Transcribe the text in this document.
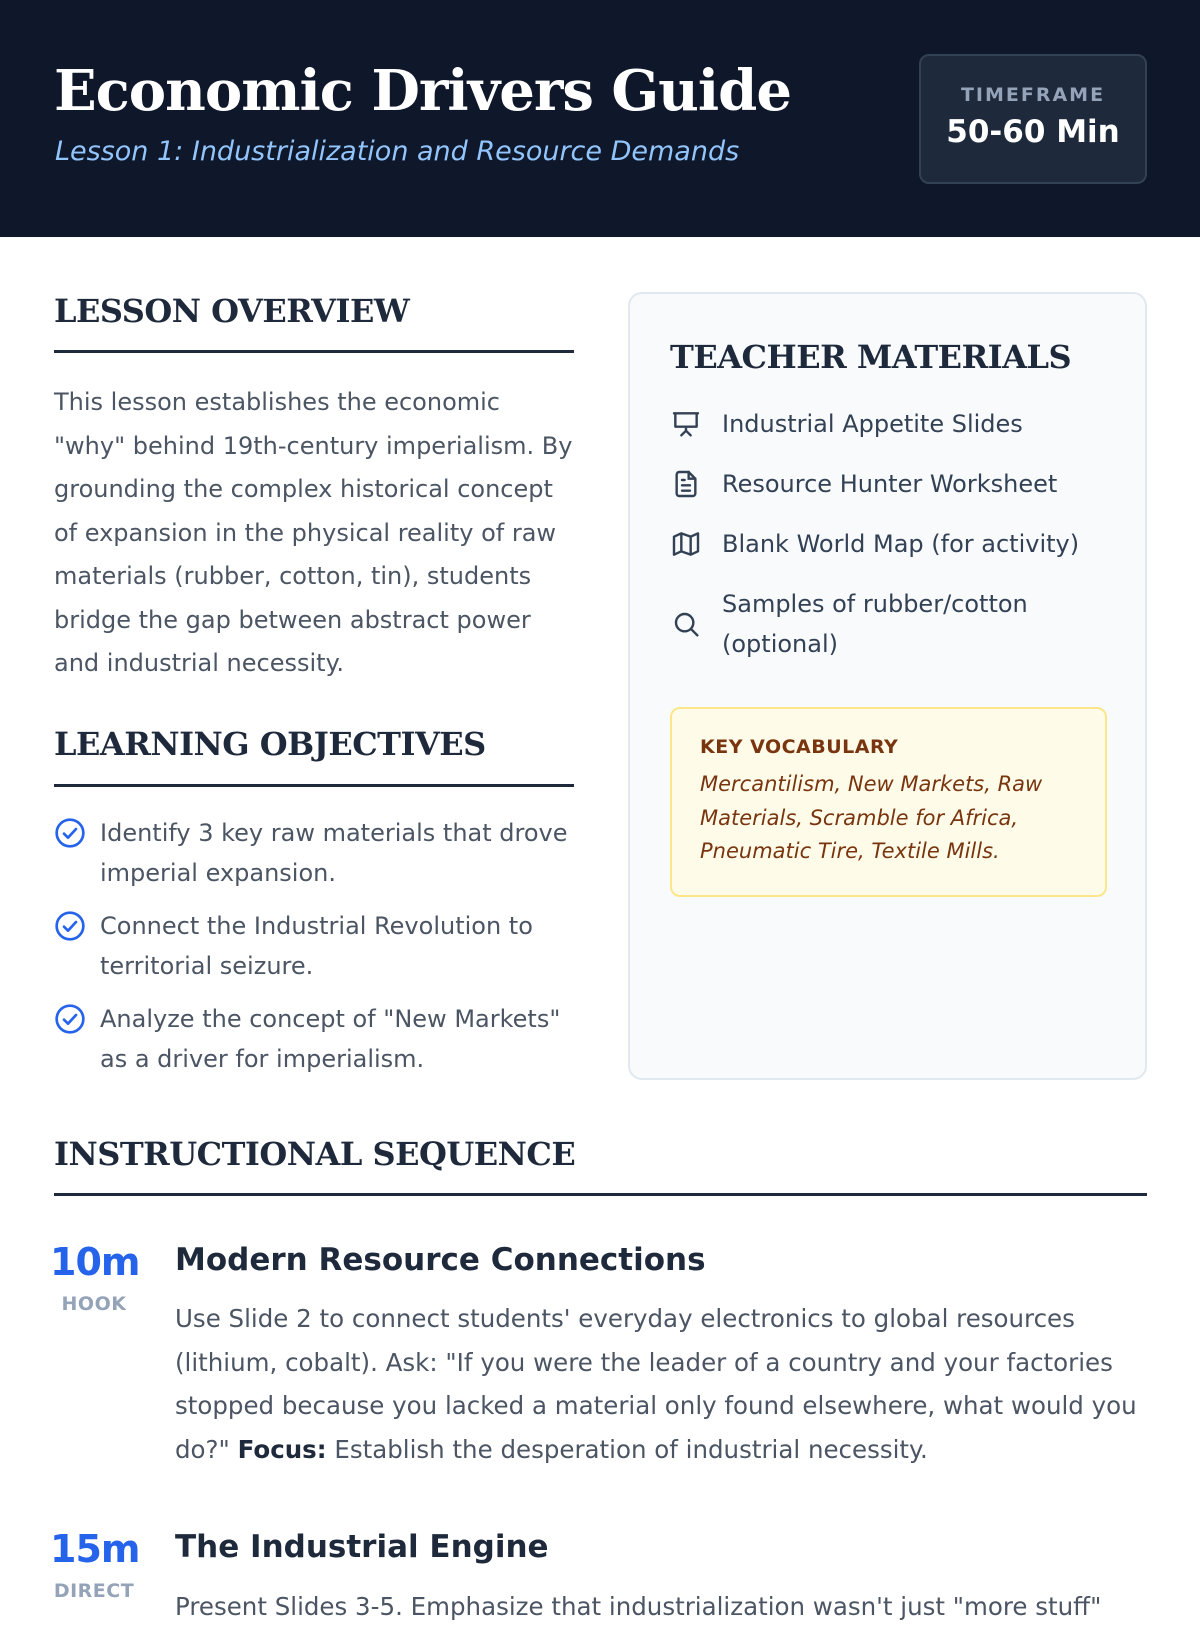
Economic Drivers Guide
Lesson 1: Industrialization and Resource Demands
TIMEFRAME
50-60 Min
LESSON OVERVIEW

This lesson establishes the economic "why" behind 19th-century imperialism. By grounding the complex historical concept of expansion in the physical reality of raw materials (rubber, cotton, tin), students bridge the gap between abstract power and industrial necessity.

LEARNING OBJECTIVES
Identify 3 key raw materials that drove imperial expansion.
Connect the Industrial Revolution to territorial seizure.
Analyze the concept of "New Markets" as a driver for imperialism.
TEACHER MATERIALS
Industrial Appetite Slides
Resource Hunter Worksheet
Blank World Map (for activity)
Samples of rubber/cotton (optional)
KEY VOCABULARY
Mercantilism, New Markets, Raw Materials, Scramble for Africa, Pneumatic Tire, Textile Mills.
INSTRUCTIONAL SEQUENCE
10m
HOOK
Modern Resource Connections

Use Slide 2 to connect students' everyday electronics to global resources (lithium, cobalt). Ask: "If you were the leader of a country and your factories stopped because you lacked a material only found elsewhere, what would you do?" Focus: Establish the desperation of industrial necessity.

15m
DIRECT
The Industrial Engine

Present Slides 3-5. Emphasize that industrialization wasn't just "more stuff"
